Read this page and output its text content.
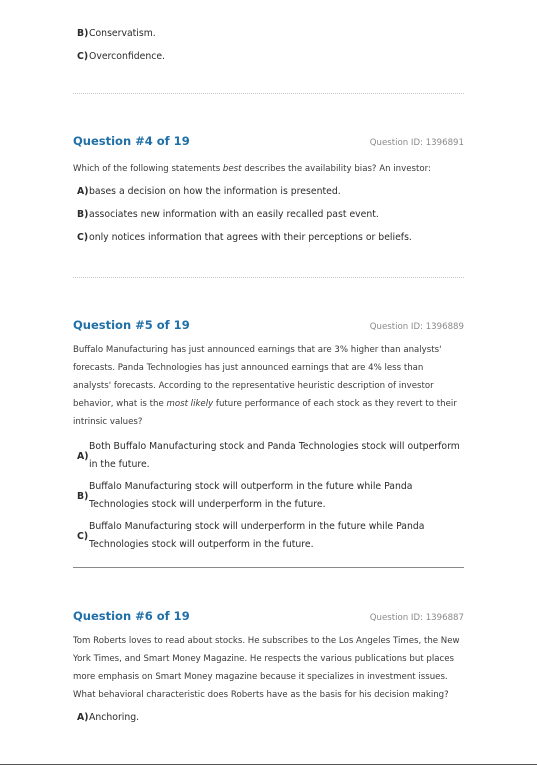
B) Conservatism.
C) Overconfidence.
Question #4 of 19	Question ID: 1396891
Which of the following statements best describes the availability bias? An investor:
A) bases a decision on how the information is presented.
B) associates new information with an easily recalled past event.
C) only notices information that agrees with their perceptions or beliefs.
Question #5 of 19	Question ID: 1396889
Buffalo Manufacturing has just announced earnings that are 3% higher than analysts' forecasts. Panda Technologies has just announced earnings that are 4% less than analysts' forecasts. According to the representative heuristic description of investor behavior, what is the most likely future performance of each stock as they revert to their intrinsic values?
A)
Both Buffalo Manufacturing stock and Panda Technologies stock will outperform in the future.
B)
Buffalo Manufacturing stock will outperform in the future while Panda Technologies stock will underperform in the future.
C)
Buffalo Manufacturing stock will underperform in the future while Panda Technologies stock will outperform in the future.
Question #6 of 19	Question ID: 1396887
Tom Roberts loves to read about stocks. He subscribes to the Los Angeles Times, the New York Times, and Smart Money Magazine. He respects the various publications but places more emphasis on Smart Money magazine because it specializes in investment issues. What behavioral characteristic does Roberts have as the basis for his decision making?
A) Anchoring.
